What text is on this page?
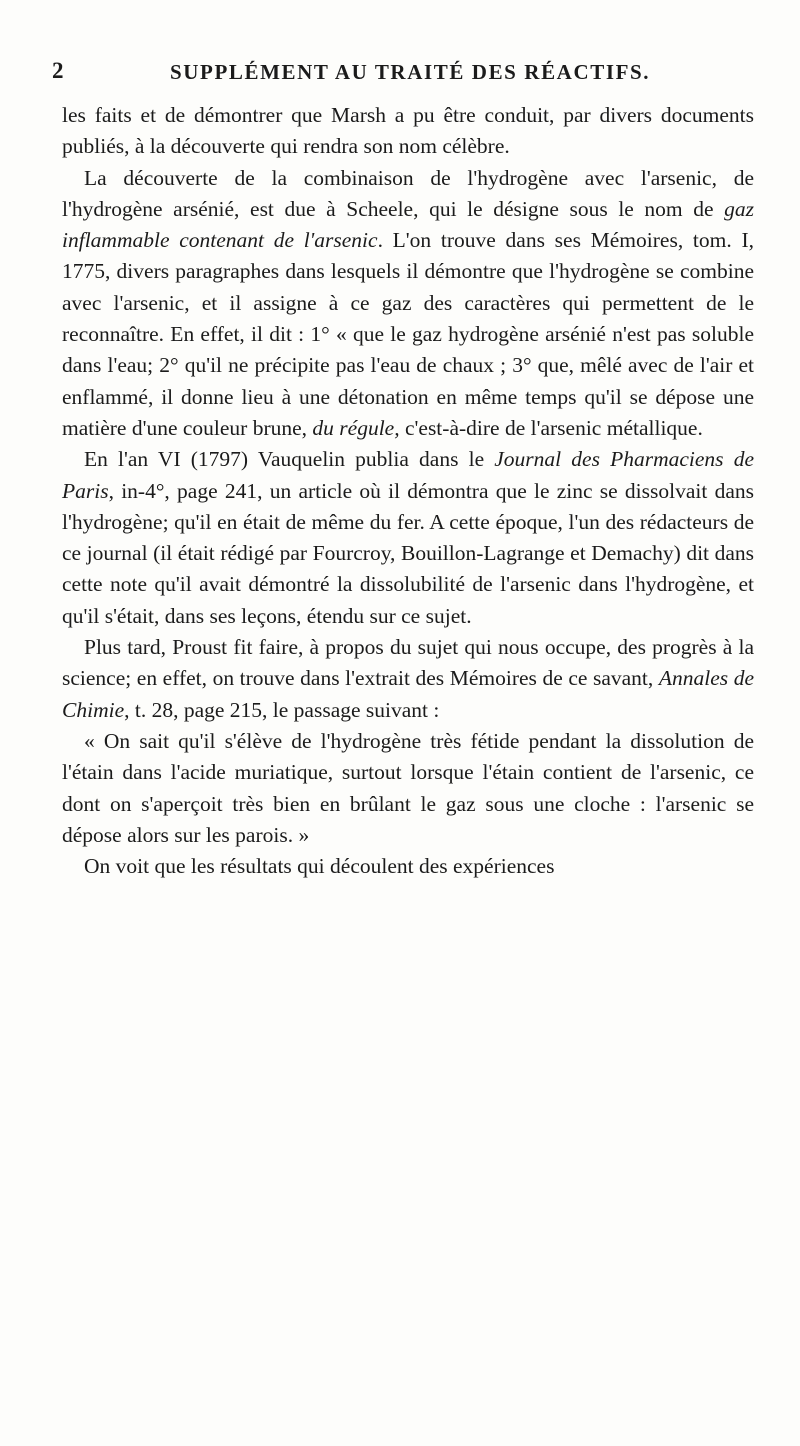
2	SUPPLÉMENT AU TRAITÉ DES RÉACTIFS.

les faits et de démontrer que Marsh a pu être conduit, par divers documents publiés, à la découverte qui rendra son nom célèbre.

La découverte de la combinaison de l'hydrogène avec l'arsenic, de l'hydrogène arsénié, est due à Scheele, qui le désigne sous le nom de gaz inflammable contenant de l'arsenic. L'on trouve dans ses Mémoires, tom. I, 1775, divers paragraphes dans lesquels il démontre que l'hydrogène se combine avec l'arsenic, et il assigne à ce gaz des caractères qui permettent de le reconnaître. En effet, il dit : 1° « que le gaz hydrogène arsénié n'est pas soluble dans l'eau; 2° qu'il ne précipite pas l'eau de chaux ; 3° que, mêlé avec de l'air et enflammé, il donne lieu à une détonation en même temps qu'il se dépose une matière d'une couleur brune, du régule, c'est-à-dire de l'arsenic métallique.

En l'an VI (1797) Vauquelin publia dans le Journal des Pharmaciens de Paris, in-4°, page 241, un article où il démontra que le zinc se dissolvait dans l'hydrogène; qu'il en était de même du fer. A cette époque, l'un des rédacteurs de ce journal (il était rédigé par Fourcroy, Bouillon-Lagrange et Demachy) dit dans cette note qu'il avait démontré la dissolubilité de l'arsenic dans l'hydrogène, et qu'il s'était, dans ses leçons, étendu sur ce sujet.

Plus tard, Proust fit faire, à propos du sujet qui nous occupe, des progrès à la science; en effet, on trouve dans l'extrait des Mémoires de ce savant, Annales de Chimie, t. 28, page 215, le passage suivant :

« On sait qu'il s'élève de l'hydrogène très fétide pendant la dissolution de l'étain dans l'acide muriatique, surtout lorsque l'étain contient de l'arsenic, ce dont on s'aperçoit très bien en brûlant le gaz sous une cloche : l'arsenic se dépose alors sur les parois. »

On voit que les résultats qui découlent des expériences
